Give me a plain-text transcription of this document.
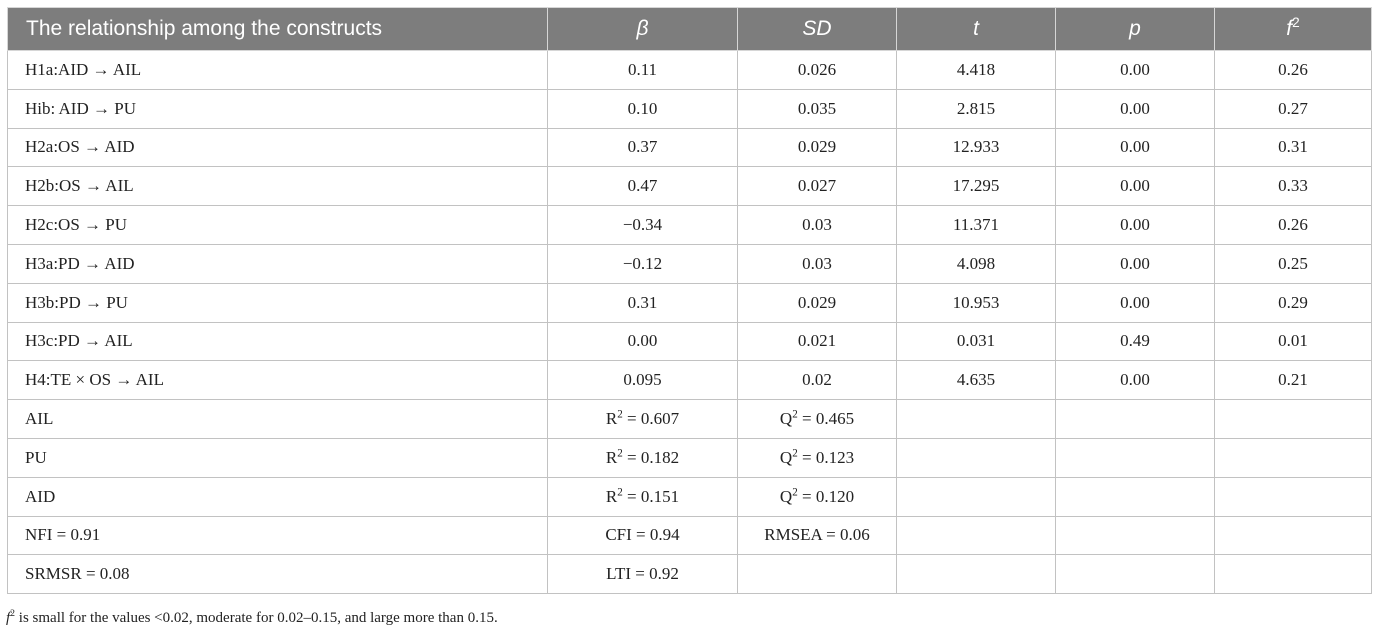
The relationship among the constructs	β	SD	t	p	$f^2$
H1a:AID → AIL	0.11	0.026	4.418	0.00	0.26
Hib: AID → PU	0.10	0.035	2.815	0.00	0.27
H2a:OS → AID	0.37	0.029	12.933	0.00	0.31
H2b:OS → AIL	0.47	0.027	17.295	0.00	0.33
H2c:OS → PU	−0.34	0.03	11.371	0.00	0.26
H3a:PD → AID	−0.12	0.03	4.098	0.00	0.25
H3b:PD → PU	0.31	0.029	10.953	0.00	0.29
H3c:PD → AIL	0.00	0.021	0.031	0.49	0.01
H4:TE × OS → AIL	0.095	0.02	4.635	0.00	0.21
AIL	$R^2 = 0.607$	$Q^2 = 0.465$			
PU	$R^2 = 0.182$	$Q^2 = 0.123$			
AID	$R^2 = 0.151$	$Q^2 = 0.120$			
NFI = 0.91	CFI = 0.94	RMSEA = 0.06			
SRMSR = 0.08	LTI = 0.92				
$f^2$ is small for the values <0.02, moderate for 0.02–0.15, and large more than 0.15.
